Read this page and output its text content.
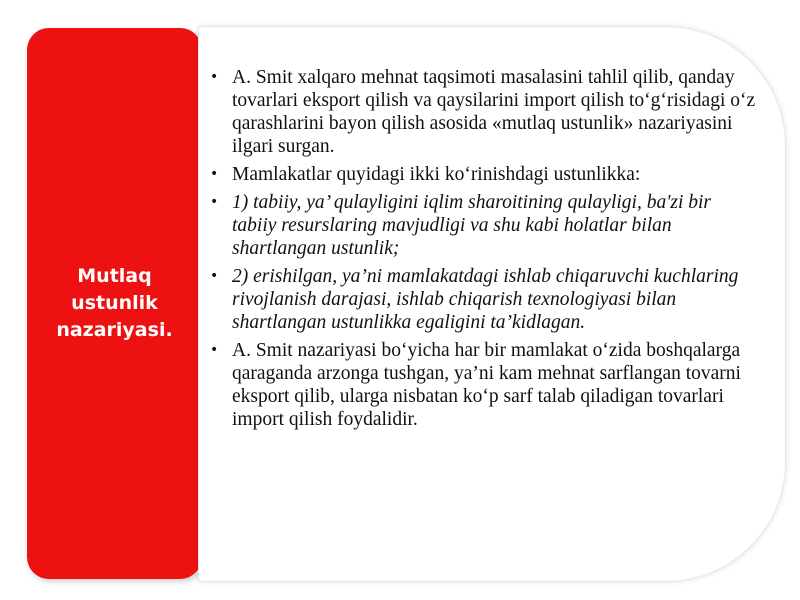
Mutlaq ustunlik nazariyasi.
• A. Smit xalqaro mehnat taqsimoti masalasini tahlil qilib, qanday tovarlari eksport qilish va qaysilarini import qilish to‘g‘risidagi o‘z qarashlarini bayon qilish asosida «mutlaq ustunlik» nazariyasini ilgari surgan.
• Mamlakatlar quyidagi ikki ko‘rinishdagi ustunlikka:
• 1) tabiiy, ya’ qulayligini iqlim sharoitining qulayligi, ba'zi bir tabiiy resurslaring mavjudligi va shu kabi holatlar bilan shartlangan ustunlik;
• 2) erishilgan, ya’ni mamlakatdagi ishlab chiqaruvchi kuchlaring rivojlanish darajasi, ishlab chiqarish texnologiyasi bilan shartlangan ustunlikka egaligini ta’kidlagan.
• A. Smit nazariyasi bo‘yicha har bir mamlakat o‘zida boshqalarga qaraganda arzonga tushgan, ya’ni kam mehnat sarflangan tovarni eksport qilib, ularga nisbatan ko‘p sarf talab qiladigan tovarlari import qilish foydalidir.
